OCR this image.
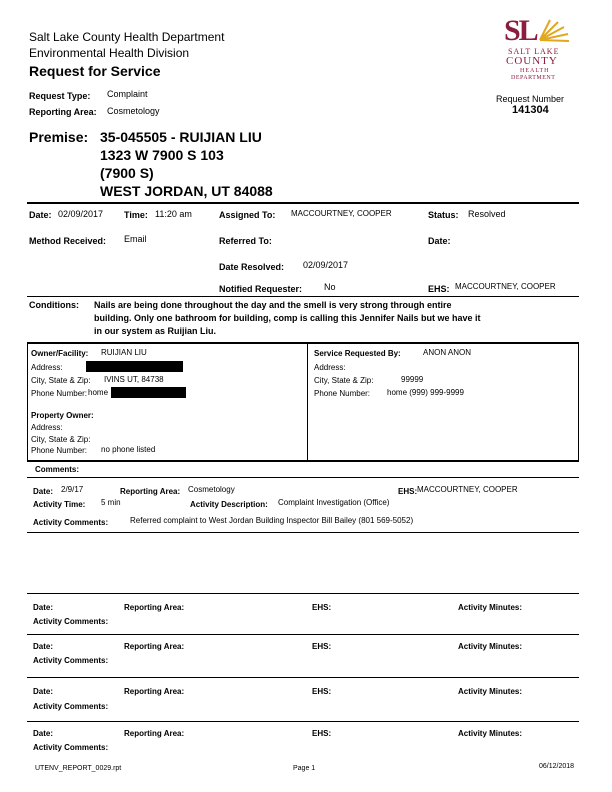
Salt Lake County Health Department
Environmental Health Division
Request for Service
Request Type: Complaint
Reporting Area: Cosmetology
SL
SALT LAKE
COUNTY
HEALTH
DEPARTMENT
Request Number
141304
Premise: 35-045505 - RUIJIAN LIU
1323 W 7900 S 103
(7900 S)
WEST JORDAN, UT 84088
Date: 02/09/2017 Time: 11:20 am	Assigned To: MACCOURTNEY, COOPER	Status: Resolved
Method Received: Email	Referred To:	Date:
Date Resolved: 02/09/2017
Notified Requester: No	EHS: MACCOURTNEY, COOPER
Conditions: Nails are being done throughout the day and the smell is very strong through entire
building. Only one bathroom for building, comp is calling this Jennifer Nails but we have it
in our system as Ruijian Liu.
Owner/Facility: RUIJIAN LIU
Address:
City, State & Zip: IVINS UT, 84738
Phone Number: home
Property Owner:
Address:
City, State & Zip:
Phone Number: no phone listed
Service Requested By:	ANON ANON
Address:
City, State & Zip:	99999
Phone Number: home (999) 999-9999
Comments:
Date: 2/9/17	Reporting Area: Cosmetology	EHS: MACCOURTNEY, COOPER
Activity Time: 5 min	Activity Description: Complaint Investigation (Office)
Activity Comments:	Referred complaint to West Jordan Building Inspector Bill Bailey (801 569-5052)
Date:	Reporting Area:	EHS:	Activity Minutes:
Activity Comments:
Date:	Reporting Area:	EHS:	Activity Minutes:
Activity Comments:
Date:	Reporting Area:	EHS:	Activity Minutes:
Activity Comments:
Date:	Reporting Area:	EHS:	Activity Minutes:
Activity Comments:
UTENV_REPORT_0029.rpt	Page 1	06/12/2018
